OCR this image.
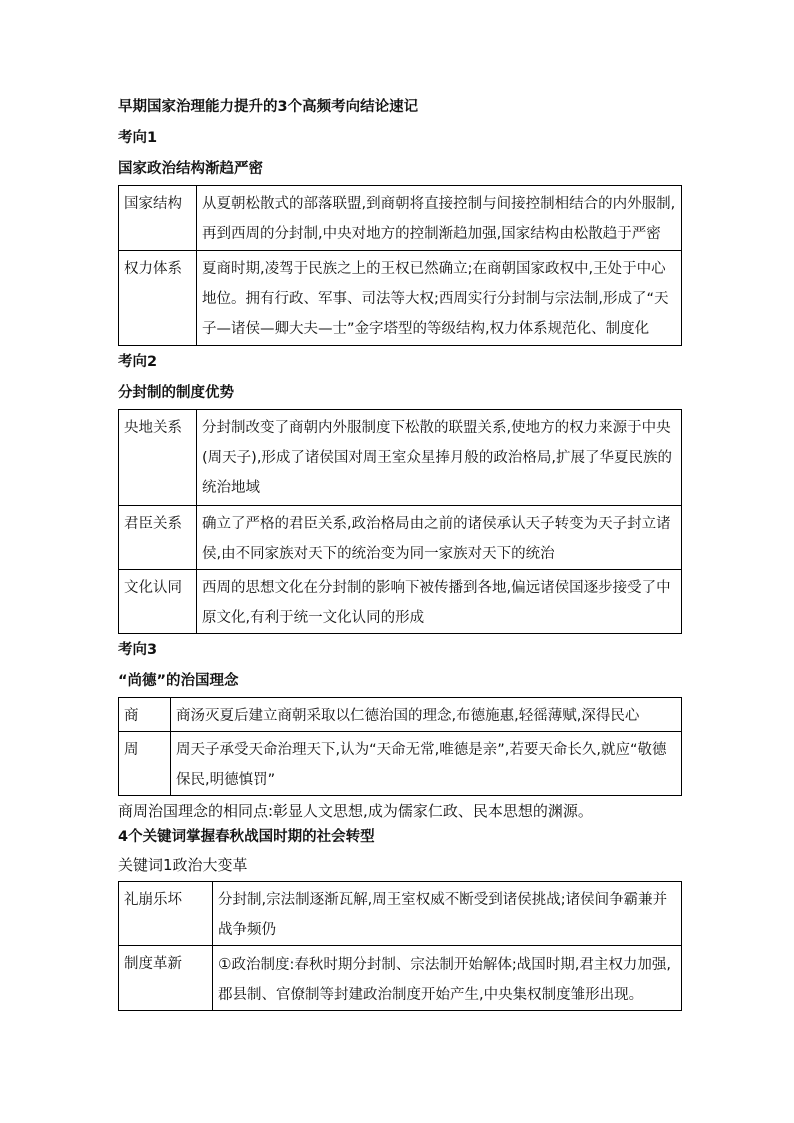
早期国家治理能力提升的3个高频考向结论速记

考向1

国家政治结构渐趋严密

国家结构	从夏朝松散式的部落联盟,到商朝将直接控制与间接控制相结合的内外服制,再到西周的分封制,中央对地方的控制渐趋加强,国家结构由松散趋于严密
权力体系	夏商时期,凌驾于民族之上的王权已然确立;在商朝国家政权中,王处于中心地位。拥有行政、军事、司法等大权;西周实行分封制与宗法制,形成了“天子—诸侯—卿大夫—士”金字塔型的等级结构,权力体系规范化、制度化

考向2

分封制的制度优势

央地关系	分封制改变了商朝内外服制度下松散的联盟关系,使地方的权力来源于中央(周天子),形成了诸侯国对周王室众星捧月般的政治格局,扩展了华夏民族的统治地域
君臣关系	确立了严格的君臣关系,政治格局由之前的诸侯承认天子转变为天子封立诸侯,由不同家族对天下的统治变为同一家族对天下的统治
文化认同	西周的思想文化在分封制的影响下被传播到各地,偏远诸侯国逐步接受了中原文化,有利于统一文化认同的形成

考向3

“尚德”的治国理念

商	商汤灭夏后建立商朝采取以仁德治国的理念,布德施惠,轻徭薄赋,深得民心
周	周天子承受天命治理天下,认为“天命无常,唯德是亲”,若要天命长久,就应“敬德保民,明德慎罚”

商周治国理念的相同点:彰显人文思想,成为儒家仁政、民本思想的渊源。

4个关键词掌握春秋战国时期的社会转型

关键词1政治大变革

礼崩乐坏	分封制,宗法制逐渐瓦解,周王室权威不断受到诸侯挑战;诸侯间争霸兼并战争频仍
制度革新	①政治制度:春秋时期分封制、宗法制开始解体;战国时期,君主权力加强,郡县制、官僚制等封建政治制度开始产生,中央集权制度雏形出现。
